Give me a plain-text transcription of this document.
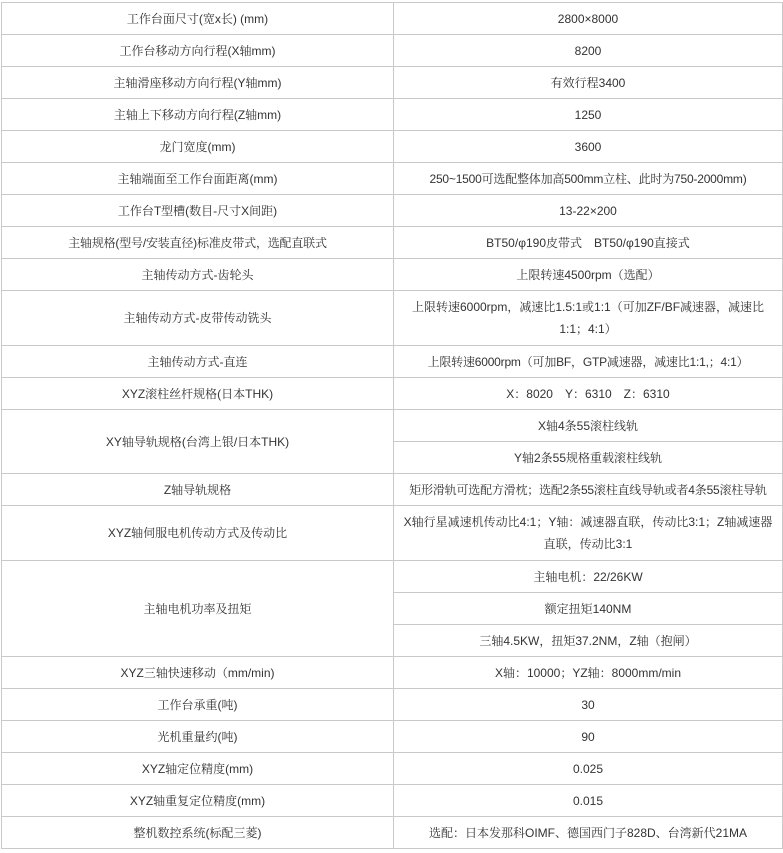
工作台面尺寸(宽x长) (mm)	2800×8000
工作台移动方向行程(X轴mm)	8200
主轴滑座移动方向行程(Y轴mm)	有效行程3400
主轴上下移动方向行程(Z轴mm)	1250
龙门宽度(mm)	3600
主轴端面至工作台面距离(mm)	250~1500可选配整体加高500mm立柱、此时为750-2000mm)
工作台T型槽(数目-尺寸X间距)	13-22×200
主轴规格(型号/安装直径)标准皮带式，选配直联式	BT50/φ190皮带式　BT50/φ190直接式
主轴传动方式-齿轮头	上限转速4500rpm（选配）
主轴传动方式-皮带传动铣头	上限转速6000rpm，减速比1.5:1或1:1（可加ZF/BF减速器，减速比1:1；4:1）
主轴传动方式-直连	上限转速6000rpm（可加BF，GTP减速器，减速比1:1,；4:1）
XYZ滚柱丝杆规格(日本THK)	X：8020　Y：6310　Z：6310
XY轴导轨规格(台湾上银/日本THK)	X轴4条55滚柱线轨
	Y轴2条55规格重载滚柱线轨
Z轴导轨规格	矩形滑轨可选配方滑枕；选配2条55滚柱直线导轨或者4条55滚柱导轨
XYZ轴伺服电机传动方式及传动比	X轴行星减速机传动比4:1；Y轴：减速器直联，传动比3:1；Z轴减速器直联，传动比3:1
主轴电机功率及扭矩	主轴电机：22/26KW
	额定扭矩140NM
	三轴4.5KW，扭矩37.2NM，Z轴（抱闸）
XYZ三轴快速移动（mm/min)	X轴：10000；YZ轴：8000mm/min
工作台承重(吨)	30
光机重量约(吨)	90
XYZ轴定位精度(mm)	0.025
XYZ轴重复定位精度(mm)	0.015
整机数控系统(标配三菱)	选配：日本发那科OIMF、德国西门子828D、台湾新代21MA
